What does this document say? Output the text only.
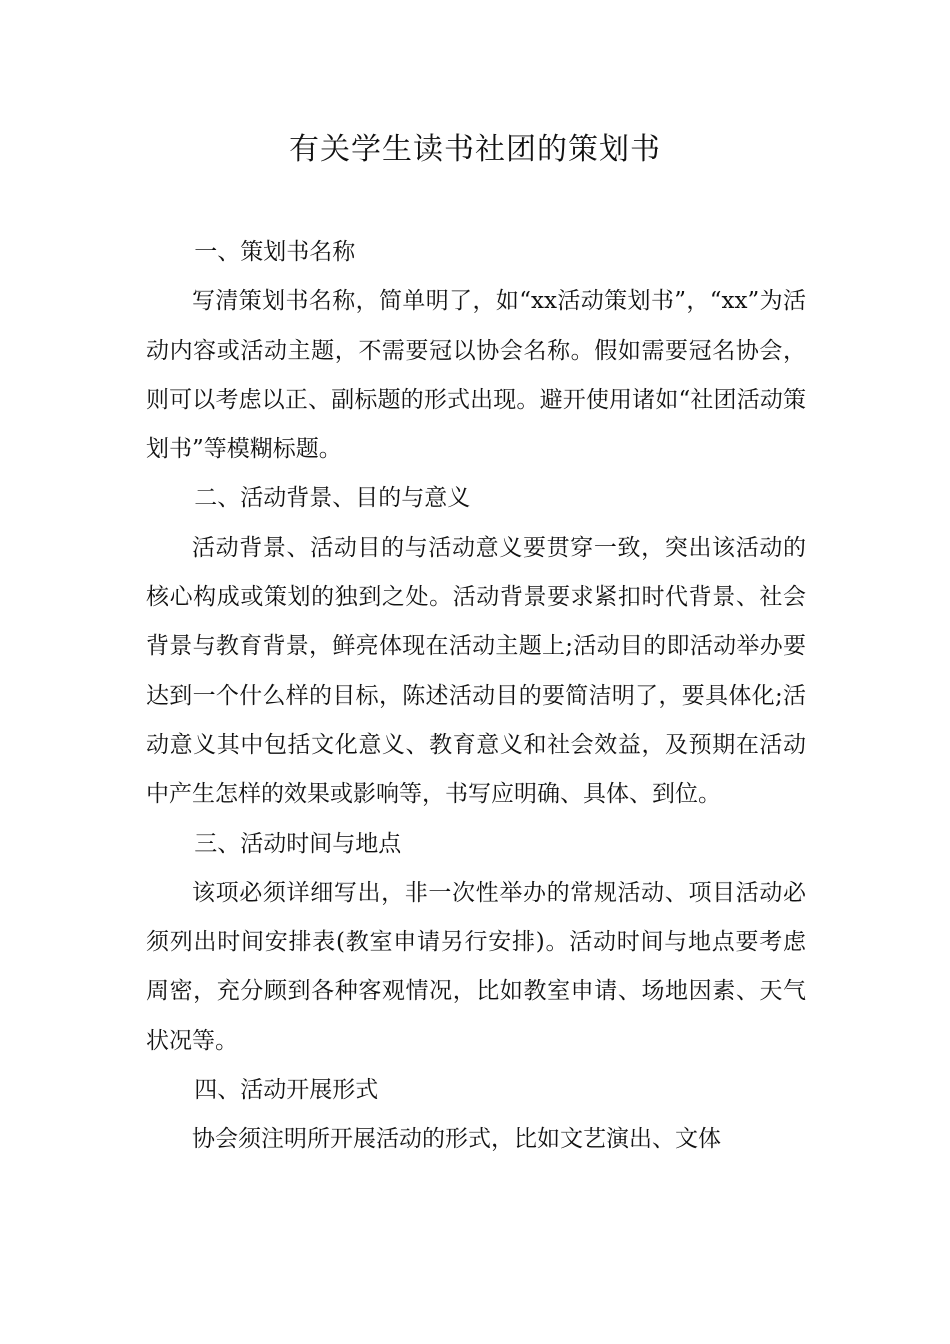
有关学生读书社团的策划书

一、策划书名称

写清策划书名称，简单明了，如“xx活动策划书”，“xx”为活动内容或活动主题，不需要冠以协会名称。假如需要冠名协会，则可以考虑以正、副标题的形式出现。避开使用诸如“社团活动策划书”等模糊标题。

二、活动背景、目的与意义

活动背景、活动目的与活动意义要贯穿一致，突出该活动的核心构成或策划的独到之处。活动背景要求紧扣时代背景、社会背景与教育背景，鲜亮体现在活动主题上;活动目的即活动举办要达到一个什么样的目标，陈述活动目的要简洁明了，要具体化;活动意义其中包括文化意义、教育意义和社会效益，及预期在活动中产生怎样的效果或影响等，书写应明确、具体、到位。

三、活动时间与地点

该项必须详细写出，非一次性举办的常规活动、项目活动必须列出时间安排表(教室申请另行安排)。活动时间与地点要考虑周密，充分顾到各种客观情况，比如教室申请、场地因素、天气状况等。

四、活动开展形式

协会须注明所开展活动的形式，比如文艺演出、文体
